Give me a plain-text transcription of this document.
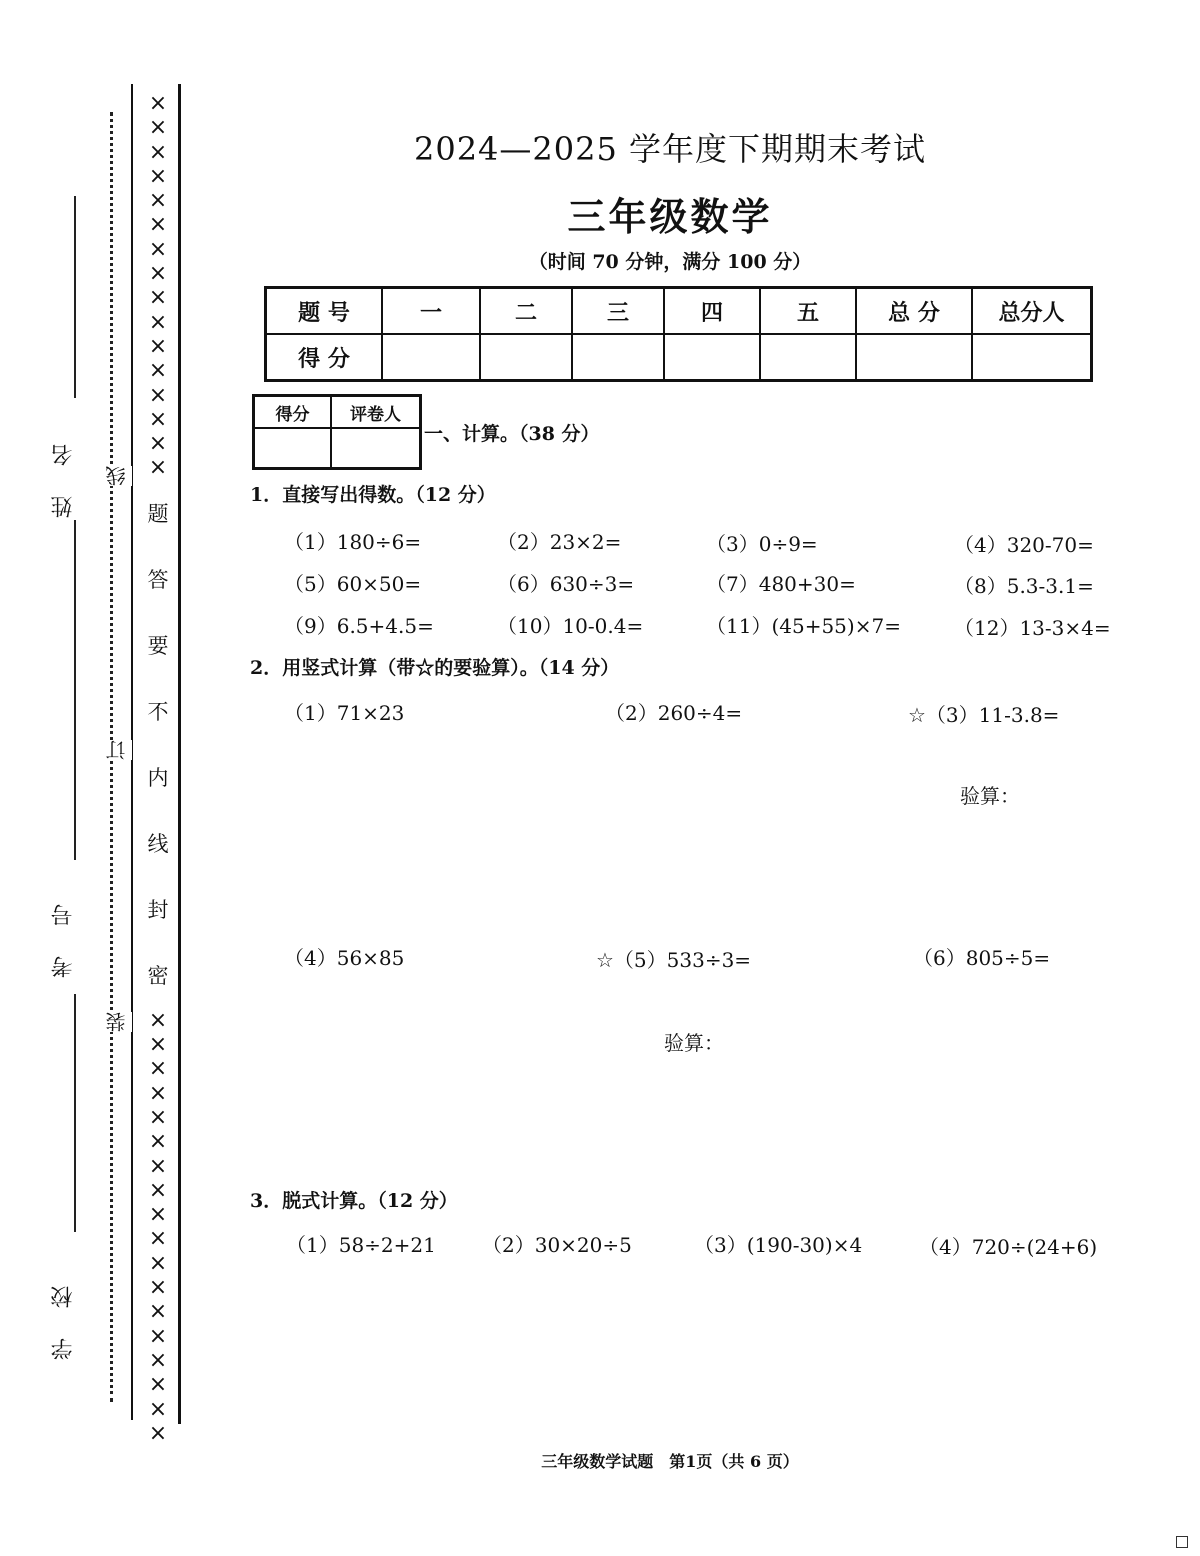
姓名
考号
学校
线
订
装
××××××××××××××××
题
答
要
不
内
线
封
密
××××××××××××××××××
2024—2025 学年度下期期末考试
三年级数学
（时间 70 分钟，满分 100 分）
题 号	一	二	三	四	五	总 分	总分人
得 分							
得分	评卷人

一、计算。（38 分）
1．直接写出得数。（12 分）
（1）180÷6=	（2）23×2=	（3）0÷9=	（4）320-70=
（5）60×50=	（6）630÷3=	（7）480+30=	（8）5.3-3.1=
（9）6.5+4.5=	（10）10-0.4=	（11）(45+55)×7=	（12）13-3×4=
2．用竖式计算（带☆的要验算）。（14 分）
（1）71×23	（2）260÷4=	☆（3）11-3.8=
验算：
（4）56×85	☆（5）533÷3=	（6）805÷5=
验算：
3．脱式计算。（12 分）
（1）58÷2+21 （2）30×20÷5	（3）(190-30)×4	（4）720÷(24+6)
三年级数学试题　第1页（共 6 页）
